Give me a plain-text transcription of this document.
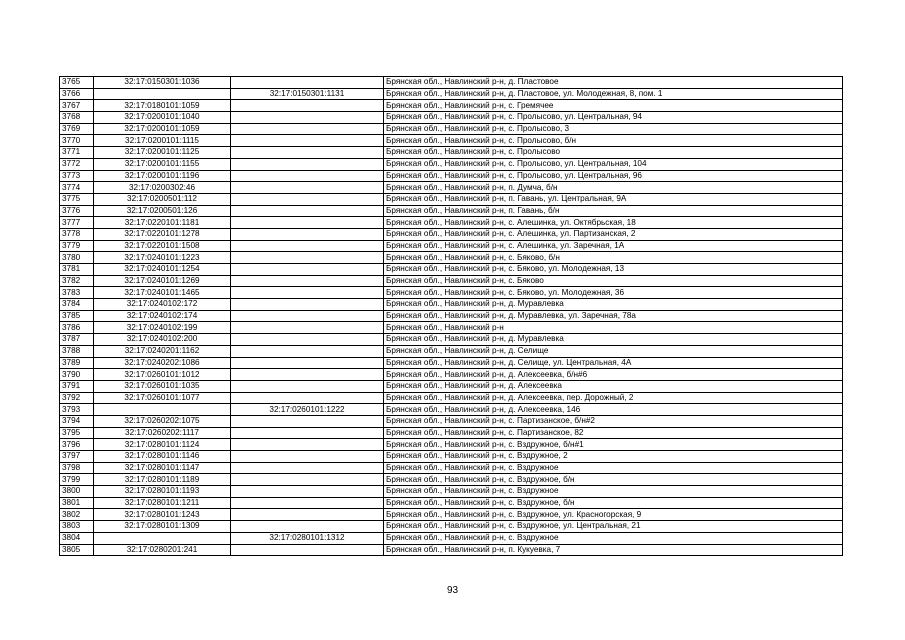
3765	32:17:0150301:1036		Брянская обл., Навлинский р-н, д. Пластовое
3766		32:17:0150301:1131	Брянская обл., Навлинский р-н, д. Пластовое, ул. Молодежная, 8, пом. 1
3767	32:17:0180101:1059		Брянская обл., Навлинский р-н, с. Гремячее
3768	32:17:0200101:1040		Брянская обл., Навлинский р-н, с. Пролысово, ул. Центральная, 94
3769	32:17:0200101:1059		Брянская обл., Навлинский р-н, с. Пролысово, 3
3770	32:17:0200101:1115		Брянская обл., Навлинский р-н, с. Пролысово, б/н
3771	32:17:0200101:1125		Брянская обл., Навлинский р-н, с. Пролысово
3772	32:17:0200101:1155		Брянская обл., Навлинский р-н, с. Пролысово, ул. Центральная, 104
3773	32:17:0200101:1196		Брянская обл., Навлинский р-н, с. Пролысово, ул. Центральная, 96
3774	32:17:0200302:46		Брянская обл., Навлинский р-н, п. Думча, б/н
3775	32:17:0200501:112		Брянская обл., Навлинский р-н, п. Гавань, ул. Центральная, 9А
3776	32:17:0200501:126		Брянская обл., Навлинский р-н, п. Гавань, б/н
3777	32:17:0220101:1181		Брянская обл., Навлинский р-н, с. Алешинка, ул. Октябрьская, 18
3778	32:17:0220101:1278		Брянская обл., Навлинский р-н, с. Алешинка, ул. Партизанская, 2
3779	32:17:0220101:1508		Брянская обл., Навлинский р-н, с. Алешинка, ул. Заречная, 1А
3780	32:17:0240101:1223		Брянская обл., Навлинский р-н, с. Бяково, б/н
3781	32:17:0240101:1254		Брянская обл., Навлинский р-н, с. Бяково, ул. Молодежная, 13
3782	32:17:0240101:1269		Брянская обл., Навлинский р-н, с. Бяково
3783	32:17:0240101:1465		Брянская обл., Навлинский р-н, с. Бяково, ул. Молодежная, 36
3784	32:17:0240102:172		Брянская обл., Навлинский р-н, д. Муравлевка
3785	32:17:0240102:174		Брянская обл., Навлинский р-н, д. Муравлевка, ул. Заречная, 78а
3786	32:17:0240102:199		Брянская обл., Навлинский р-н
3787	32:17:0240102:200		Брянская обл., Навлинский р-н, д. Муравлевка
3788	32:17:0240201:1162		Брянская обл., Навлинский р-н, д. Селище
3789	32:17:0240202:1086		Брянская обл., Навлинский р-н, д. Селище, ул. Центральная, 4А
3790	32:17:0260101:1012		Брянская обл., Навлинский р-н, д. Алексеевка, б/н#6
3791	32:17:0260101:1035		Брянская обл., Навлинский р-н, д. Алексеевка
3792	32:17:0260101:1077		Брянская обл., Навлинский р-н, д. Алексеевка, пер. Дорожный, 2
3793		32:17:0260101:1222	Брянская обл., Навлинский р-н, д. Алексеевка, 146
3794	32:17:0260202:1075		Брянская обл., Навлинский р-н, с. Партизанское, б/н#2
3795	32:17:0260202:1117		Брянская обл., Навлинский р-н, с. Партизанское, 82
3796	32:17:0280101:1124		Брянская обл., Навлинский р-н, с. Вздружное, б/н#1
3797	32:17:0280101:1146		Брянская обл., Навлинский р-н, с. Вздружное, 2
3798	32:17:0280101:1147		Брянская обл., Навлинский р-н, с. Вздружное
3799	32:17:0280101:1189		Брянская обл., Навлинский р-н, с. Вздружное, б/н
3800	32:17:0280101:1193		Брянская обл., Навлинский р-н, с. Вздружное
3801	32:17:0280101:1211		Брянская обл., Навлинский р-н, с. Вздружное, б/н
3802	32:17:0280101:1243		Брянская обл., Навлинский р-н, с. Вздружное, ул. Красногорская, 9
3803	32:17:0280101:1309		Брянская обл., Навлинский р-н, с. Вздружное, ул. Центральная, 21
3804		32:17:0280101:1312	Брянская обл., Навлинский р-н, с. Вздружное
3805	32:17:0280201:241		Брянская обл., Навлинский р-н, п. Кукуевка, 7
93
